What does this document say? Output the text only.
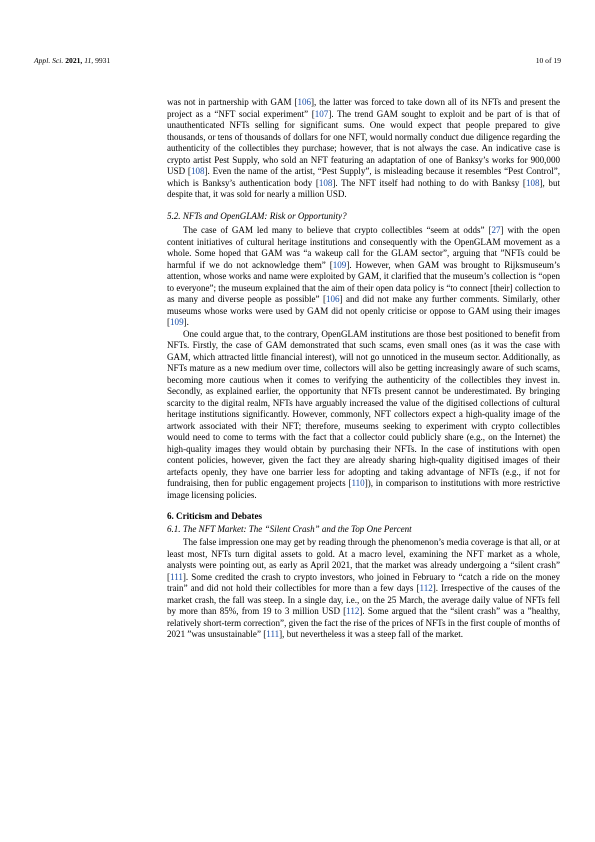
Appl. Sci. 2021, 11, 9931	10 of 19

was not in partnership with GAM [106], the latter was forced to take down all of its NFTs and present the project as a “NFT social experiment” [107]. The trend GAM sought to exploit and be part of is that of unauthenticated NFTs selling for significant sums. One would expect that people prepared to give thousands, or tens of thousands of dollars for one NFT, would normally conduct due diligence regarding the authenticity of the collectibles they purchase; however, that is not always the case. An indicative case is crypto artist Pest Supply, who sold an NFT featuring an adaptation of one of Banksy’s works for 900,000 USD [108]. Even the name of the artist, “Pest Supply”, is misleading because it resembles “Pest Control”, which is Banksy’s authentication body [108]. The NFT itself had nothing to do with Banksy [108], but despite that, it was sold for nearly a million USD.

5.2. NFTs and OpenGLAM: Risk or Opportunity?

The case of GAM led many to believe that crypto collectibles “seem at odds” [27] with the open content initiatives of cultural heritage institutions and consequently with the OpenGLAM movement as a whole. Some hoped that GAM was “a wakeup call for the GLAM sector”, arguing that ”NFTs could be harmful if we do not acknowledge them” [109]. However, when GAM was brought to Rijksmuseum’s attention, whose works and name were exploited by GAM, it clarified that the museum’s collection is “open to everyone”; the museum explained that the aim of their open data policy is “to connect [their] collection to as many and diverse people as possible” [106] and did not make any further comments. Similarly, other museums whose works were used by GAM did not openly criticise or oppose to GAM using their images [109].

One could argue that, to the contrary, OpenGLAM institutions are those best positioned to benefit from NFTs. Firstly, the case of GAM demonstrated that such scams, even small ones (as it was the case with GAM, which attracted little financial interest), will not go unnoticed in the museum sector. Additionally, as NFTs mature as a new medium over time, collectors will also be getting increasingly aware of such scams, becoming more cautious when it comes to verifying the authenticity of the collectibles they invest in. Secondly, as explained earlier, the opportunity that NFTs present cannot be underestimated. By bringing scarcity to the digital realm, NFTs have arguably increased the value of the digitised collections of cultural heritage institutions significantly. However, commonly, NFT collectors expect a high-quality image of the artwork associated with their NFT; therefore, museums seeking to experiment with crypto collectibles would need to come to terms with the fact that a collector could publicly share (e.g., on the Internet) the high-quality images they would obtain by purchasing their NFTs. In the case of institutions with open content policies, however, given the fact they are already sharing high-quality digitised images of their artefacts openly, they have one barrier less for adopting and taking advantage of NFTs (e.g., if not for fundraising, then for public engagement projects [110]), in comparison to institutions with more restrictive image licensing policies.

6. Criticism and Debates
6.1. The NFT Market: The “Silent Crash” and the Top One Percent

The false impression one may get by reading through the phenomenon’s media coverage is that all, or at least most, NFTs turn digital assets to gold. At a macro level, examining the NFT market as a whole, analysts were pointing out, as early as April 2021, that the market was already undergoing a “silent crash” [111]. Some credited the crash to crypto investors, who joined in February to “catch a ride on the money train” and did not hold their collectibles for more than a few days [112]. Irrespective of the causes of the market crash, the fall was steep. In a single day, i.e., on the 25 March, the average daily value of NFTs fell by more than 85%, from 19 to 3 million USD [112]. Some argued that the “silent crash” was a ”healthy, relatively short-term correction”, given the fact the rise of the prices of NFTs in the first couple of months of 2021 ”was unsustainable” [111], but nevertheless it was a steep fall of the market.
